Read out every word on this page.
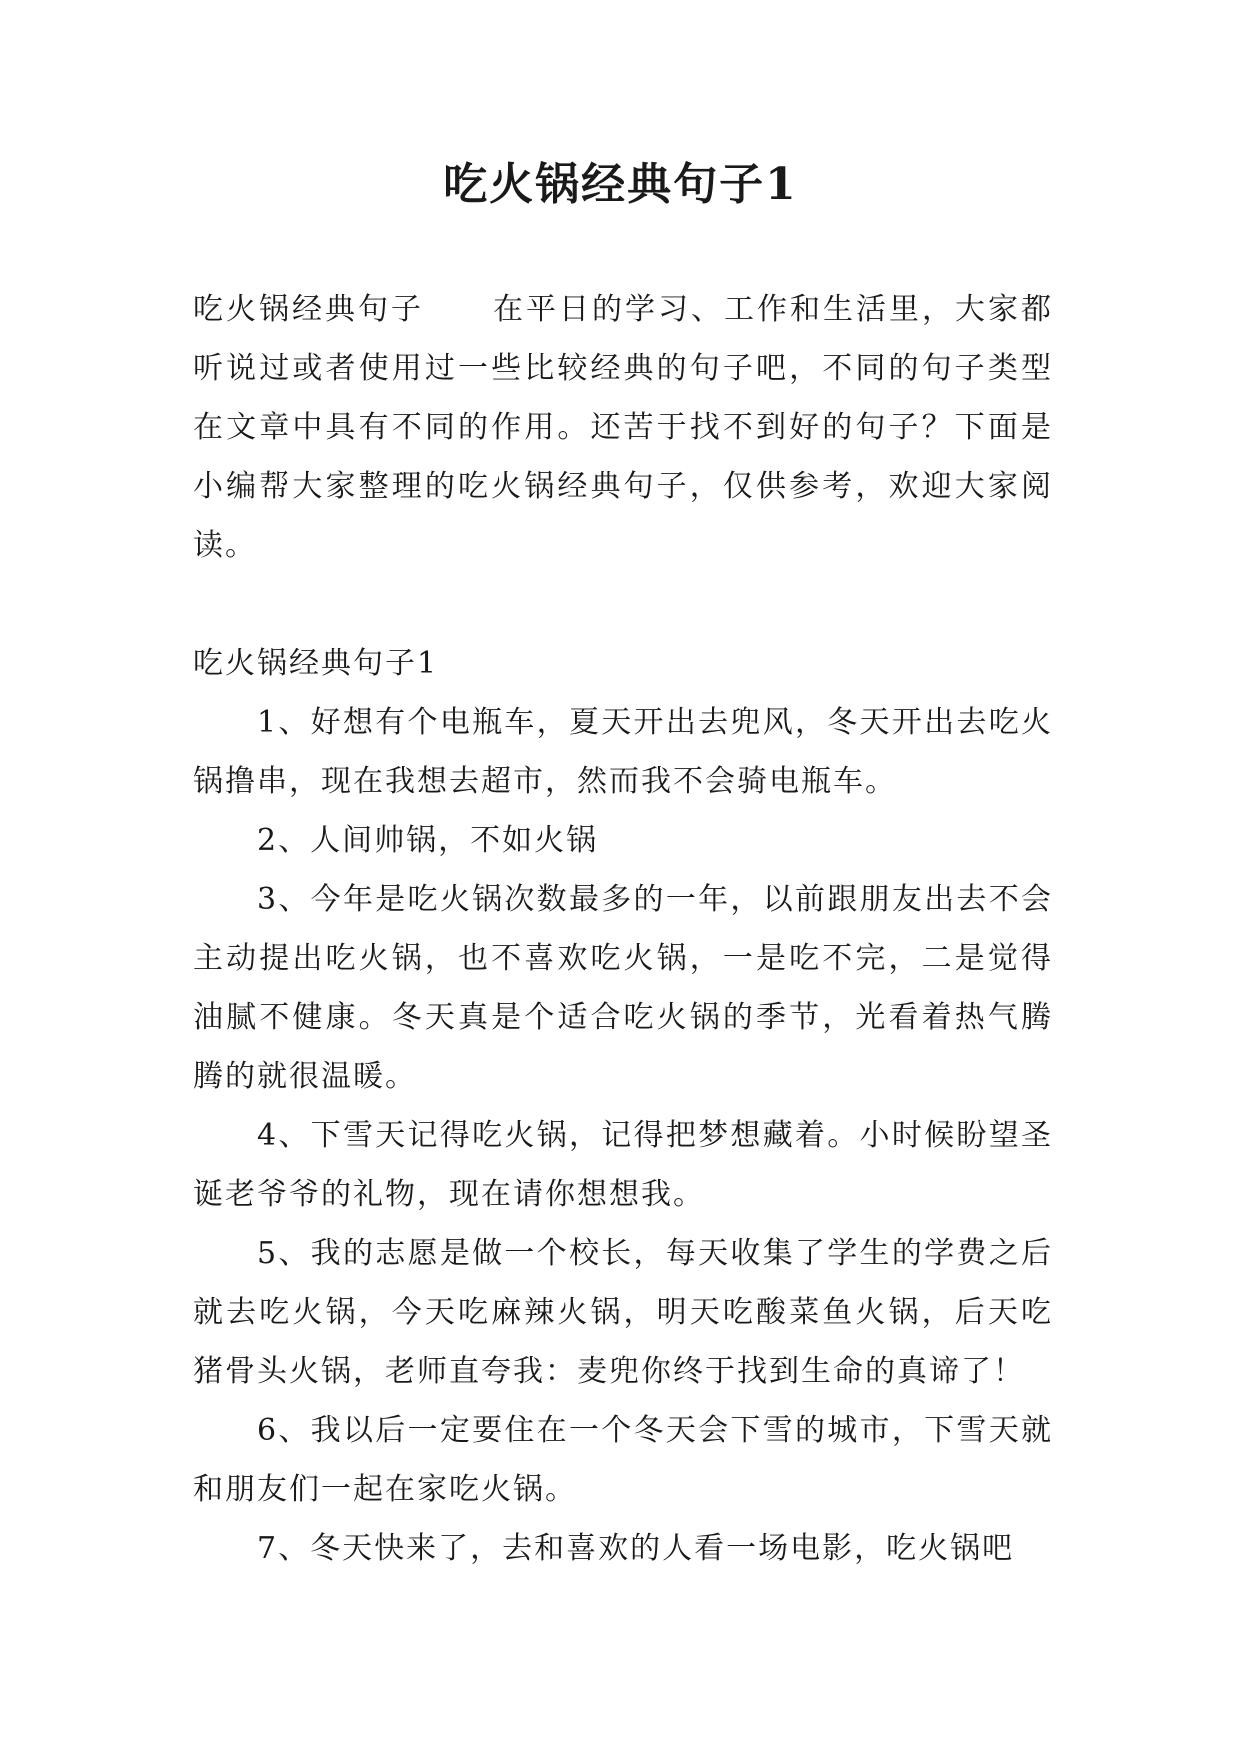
吃火锅经典句子1

吃火锅经典句子 在平日的学习、工作和生活里，大家都听说过或者使用过一些比较经典的句子吧，不同的句子类型在文章中具有不同的作用。还苦于找不到好的句子？下面是小编帮大家整理的吃火锅经典句子，仅供参考，欢迎大家阅读。

吃火锅经典句子1

1、好想有个电瓶车，夏天开出去兜风，冬天开出去吃火锅撸串，现在我想去超市，然而我不会骑电瓶车。

2、人间帅锅，不如火锅

3、今年是吃火锅次数最多的一年，以前跟朋友出去不会主动提出吃火锅，也不喜欢吃火锅，一是吃不完，二是觉得油腻不健康。冬天真是个适合吃火锅的季节，光看着热气腾腾的就很温暖。

4、下雪天记得吃火锅，记得把梦想藏着。小时候盼望圣诞老爷爷的礼物，现在请你想想我。

5、我的志愿是做一个校长，每天收集了学生的学费之后就去吃火锅，今天吃麻辣火锅，明天吃酸菜鱼火锅，后天吃猪骨头火锅，老师直夸我：麦兜你终于找到生命的真谛了！

6、我以后一定要住在一个冬天会下雪的城市，下雪天就和朋友们一起在家吃火锅。

7、冬天快来了，去和喜欢的人看一场电影，吃火锅吧
